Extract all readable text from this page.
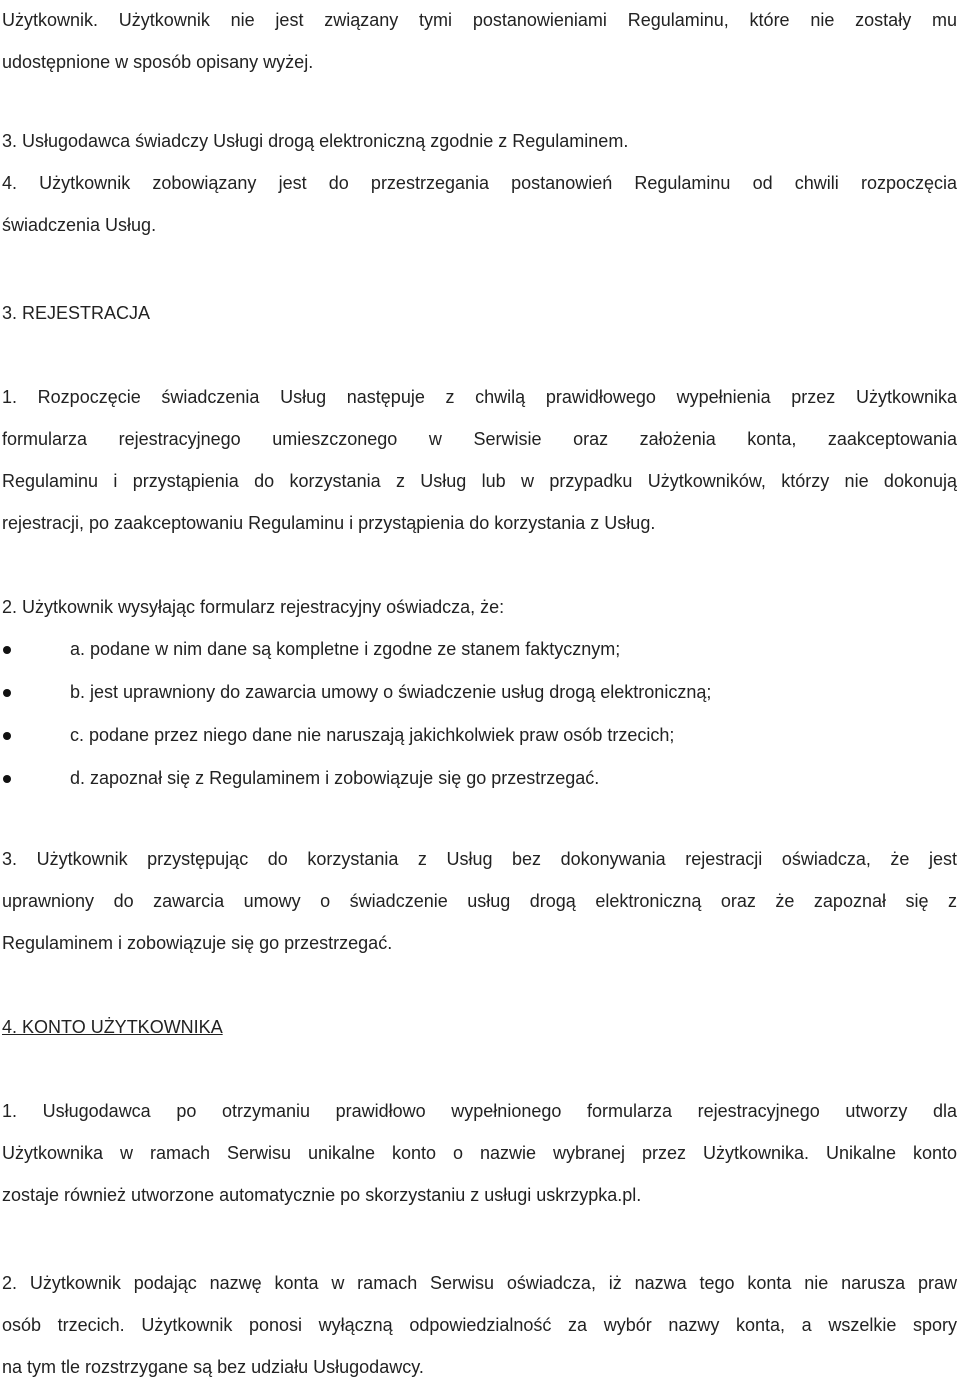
Użytkownik. Użytkownik nie jest związany tymi postanowieniami Regulaminu, które nie zostały mu
udostępnione w sposób opisany wyżej.
3. Usługodawca świadczy Usługi drogą elektroniczną zgodnie z Regulaminem.
4. Użytkownik zobowiązany jest do przestrzegania postanowień Regulaminu od chwili rozpoczęcia
świadczenia Usług.
3. REJESTRACJA
1. Rozpoczęcie świadczenia Usług następuje z chwilą prawidłowego wypełnienia przez Użytkownika
formularza rejestracyjnego umieszczonego w Serwisie oraz założenia konta, zaakceptowania
Regulaminu i przystąpienia do korzystania z Usług lub w przypadku Użytkowników, którzy nie dokonują
rejestracji, po zaakceptowaniu Regulaminu i przystąpienia do korzystania z Usług.
2. Użytkownik wysyłając formularz rejestracyjny oświadcza, że:
a. podane w nim dane są kompletne i zgodne ze stanem faktycznym;
b. jest uprawniony do zawarcia umowy o świadczenie usług drogą elektroniczną;
c. podane przez niego dane nie naruszają jakichkolwiek praw osób trzecich;
d. zapoznał się z Regulaminem i zobowiązuje się go przestrzegać.
3. Użytkownik przystępując do korzystania z Usług bez dokonywania rejestracji oświadcza, że jest
uprawniony do zawarcia umowy o świadczenie usług drogą elektroniczną oraz że zapoznał się z
Regulaminem i zobowiązuje się go przestrzegać.
4. KONTO UŻYTKOWNIKA
1. Usługodawca po otrzymaniu prawidłowo wypełnionego formularza rejestracyjnego utworzy dla
Użytkownika w ramach Serwisu unikalne konto o nazwie wybranej przez Użytkownika. Unikalne konto
zostaje również utworzone automatycznie po skorzystaniu z usługi uskrzypka.pl.
2. Użytkownik podając nazwę konta w ramach Serwisu oświadcza, iż nazwa tego konta nie narusza praw
osób trzecich. Użytkownik ponosi wyłączną odpowiedzialność za wybór nazwy konta, a wszelkie spory
na tym tle rozstrzygane są bez udziału Usługodawcy.
